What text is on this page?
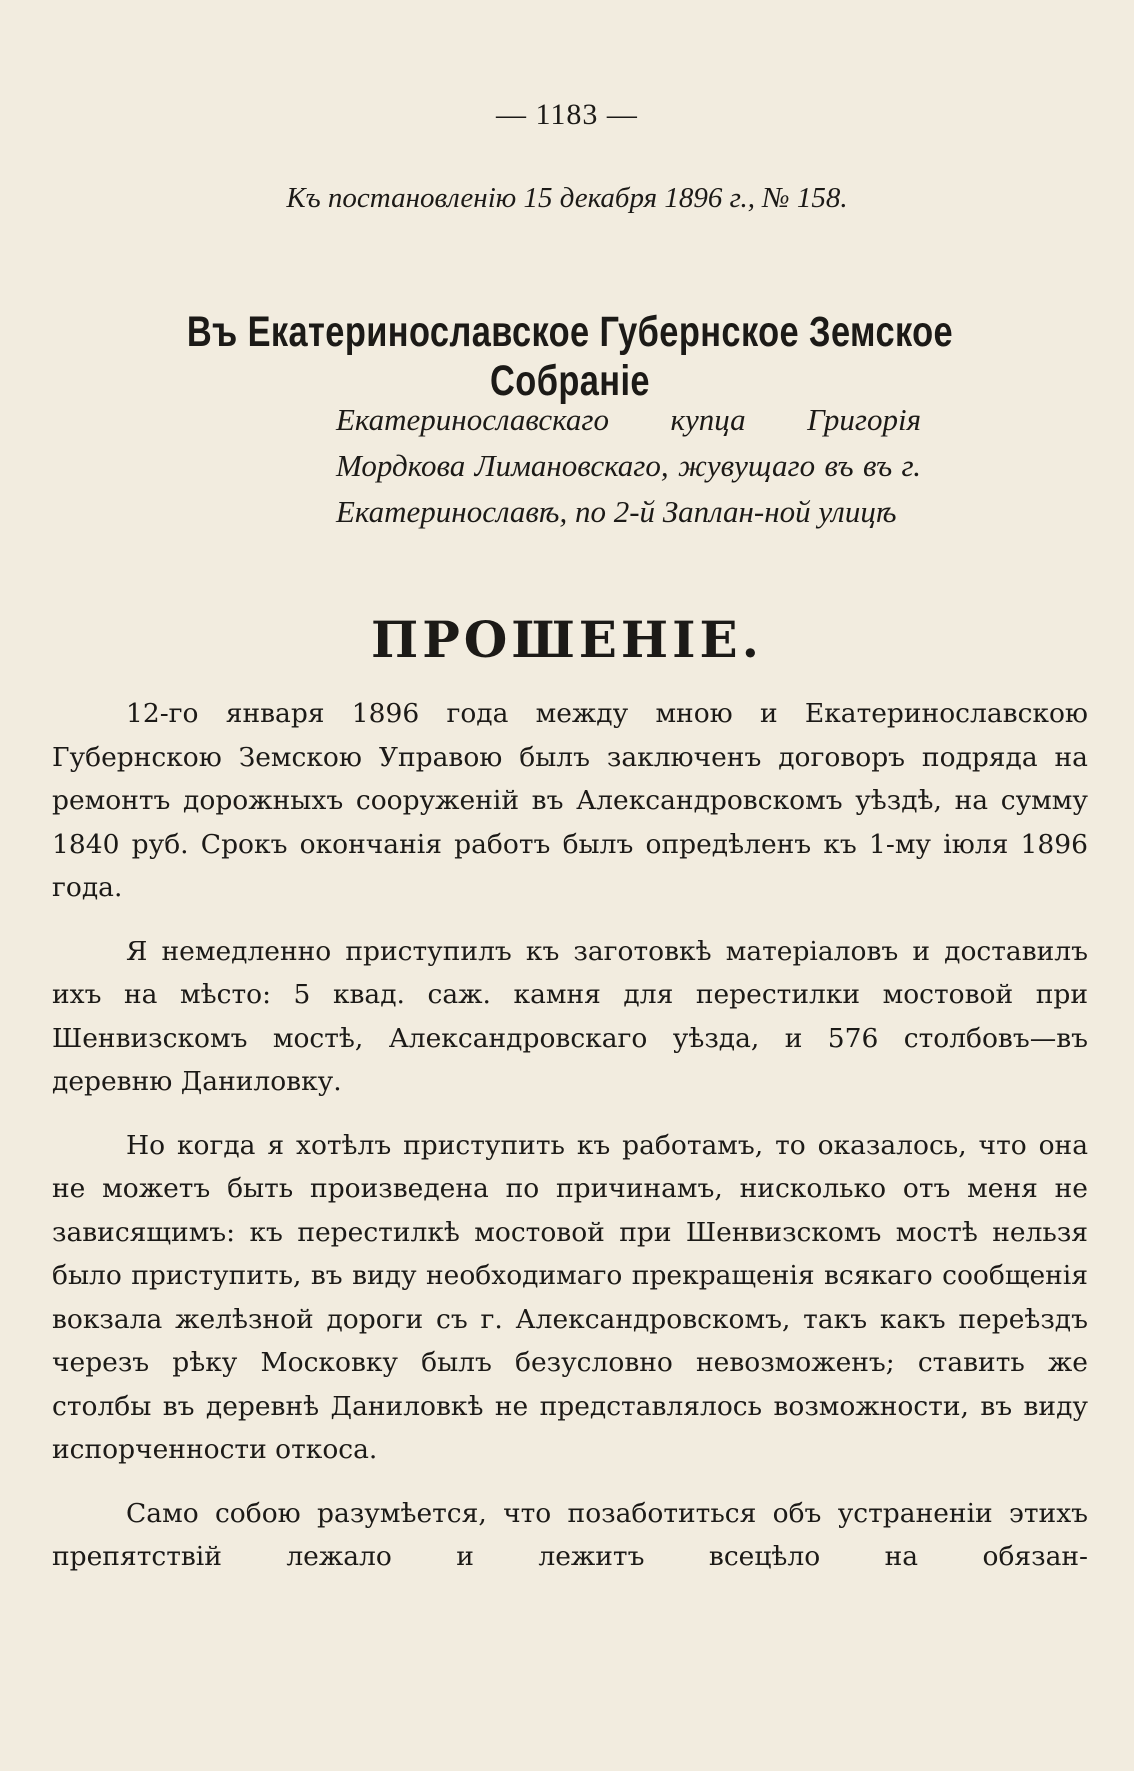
— 1183 —
Къ постановленію 15 декабря 1896 г., № 158.
Въ Екатеринославское Губернское Земское Собраніе
Екатеринославскаго купца Григорія Мордкова Лимановскаго, жувущаго въ въ г. Екатеринославѣ, по 2-й Заплан-ной улицѣ
ПРОШЕНІЕ.

12-го января 1896 года между мною и Екатеринославскою Губернскою Земскою Управою былъ заключенъ договоръ подряда на ремонтъ дорожныхъ сооруженій въ Александровскомъ уѣздѣ, на сумму 1840 руб. Срокъ окончанія работъ былъ опредѣленъ къ 1-му іюля 1896 года.

Я немедленно приступилъ къ заготовкѣ матеріаловъ и доставилъ ихъ на мѣсто: 5 квад. саж. камня для перестилки мостовой при Шенвизскомъ мостѣ, Александровскаго уѣзда, и 576 столбовъ—въ деревню Даниловку.

Но когда я хотѣлъ приступить къ работамъ, то оказалось, что она не можетъ быть произведена по причинамъ, нисколько отъ меня не зависящимъ: къ перестилкѣ мостовой при Шенвизскомъ мостѣ нельзя было приступить, въ виду необходимаго прекращенія всякаго сообщенія вокзала желѣзной дороги съ г. Александровскомъ, такъ какъ переѣздъ черезъ рѣку Московку былъ безусловно невозможенъ; ставить же столбы въ деревнѣ Даниловкѣ не представлялось возможности, въ виду испорченности откоса.

Само собою разумѣется, что позаботиться объ устраненіи этихъ препятствій лежало и лежитъ всецѣло на обязан-
